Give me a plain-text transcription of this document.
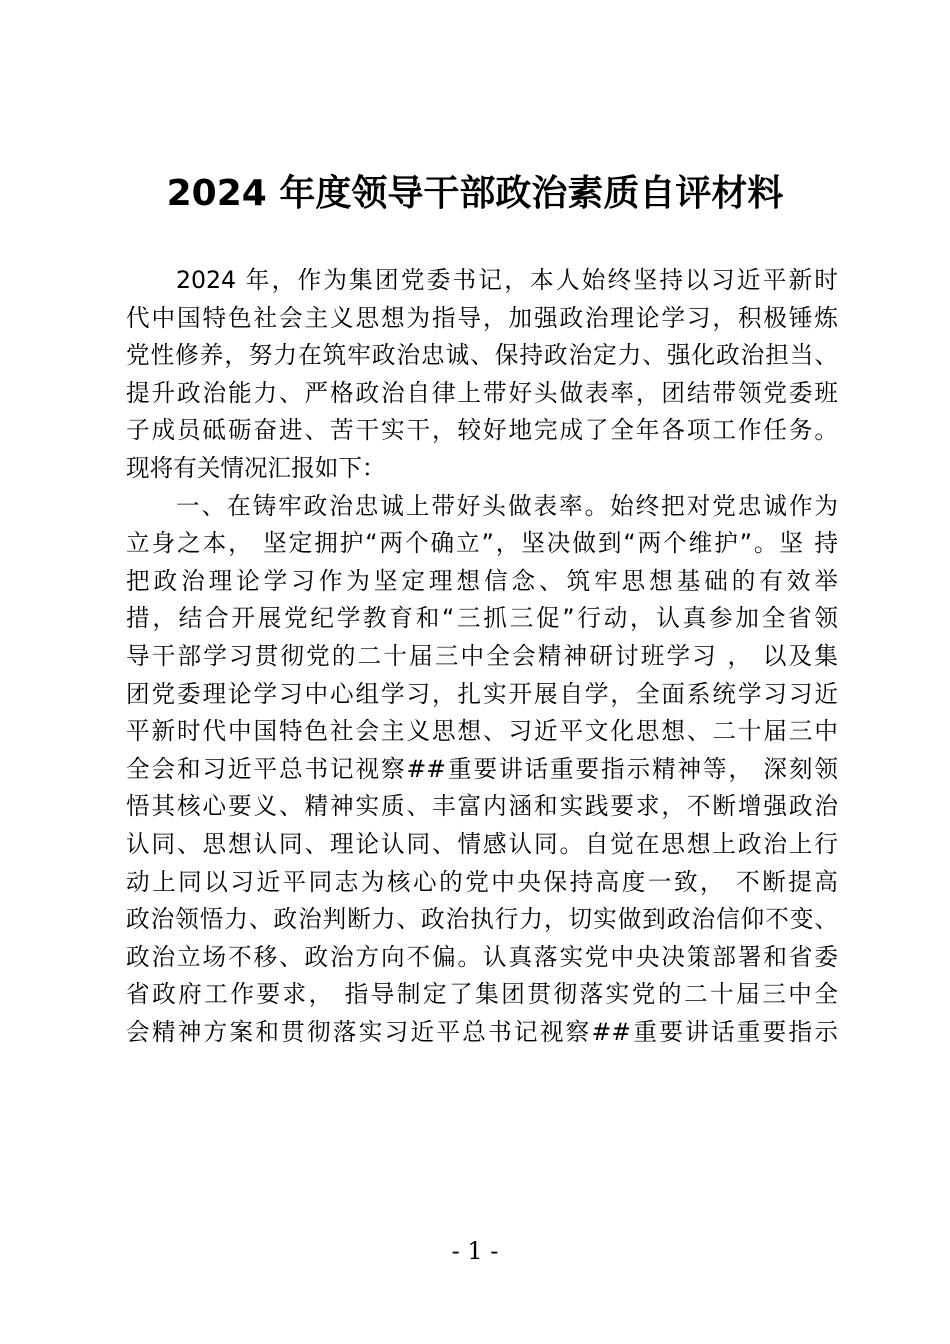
2024 年度领导干部政治素质自评材料
2024 年，作为集团党委书记，本人始终坚持以习近平新时
代中国特色社会主义思想为指导，加强政治理论学习，积极锤炼
党性修养，努力在筑牢政治忠诚、保持政治定力、强化政治担当、
提升政治能力、严格政治自律上带好头做表率，团结带领党委班
子成员砥砺奋进、苦干实干，较好地完成了全年各项工作任务。
现将有关情况汇报如下：
一、在铸牢政治忠诚上带好头做表率。始终把对党忠诚作为
立身之本， 坚定拥护“两个确立”，坚决做到“两个维护”。坚 持
把政治理论学习作为坚定理想信念、筑牢思想基础的有效举
措，结合开展党纪学教育和“三抓三促”行动，认真参加全省领
导干部学习贯彻党的二十届三中全会精神研讨班学习 ， 以及集
团党委理论学习中心组学习，扎实开展自学，全面系统学习习近
平新时代中国特色社会主义思想、习近平文化思想、二十届三中
全会和习近平总书记视察##重要讲话重要指示精神等， 深刻领
悟其核心要义、精神实质、丰富内涵和实践要求，不断增强政治
认同、思想认同、理论认同、情感认同。自觉在思想上政治上行
动上同以习近平同志为核心的党中央保持高度一致， 不断提高
政治领悟力、政治判断力、政治执行力，切实做到政治信仰不变、
政治立场不移、政治方向不偏。认真落实党中央决策部署和省委
省政府工作要求， 指导制定了集团贯彻落实党的二十届三中全
会精神方案和贯彻落实习近平总书记视察##重要讲话重要指示
- 1 -
